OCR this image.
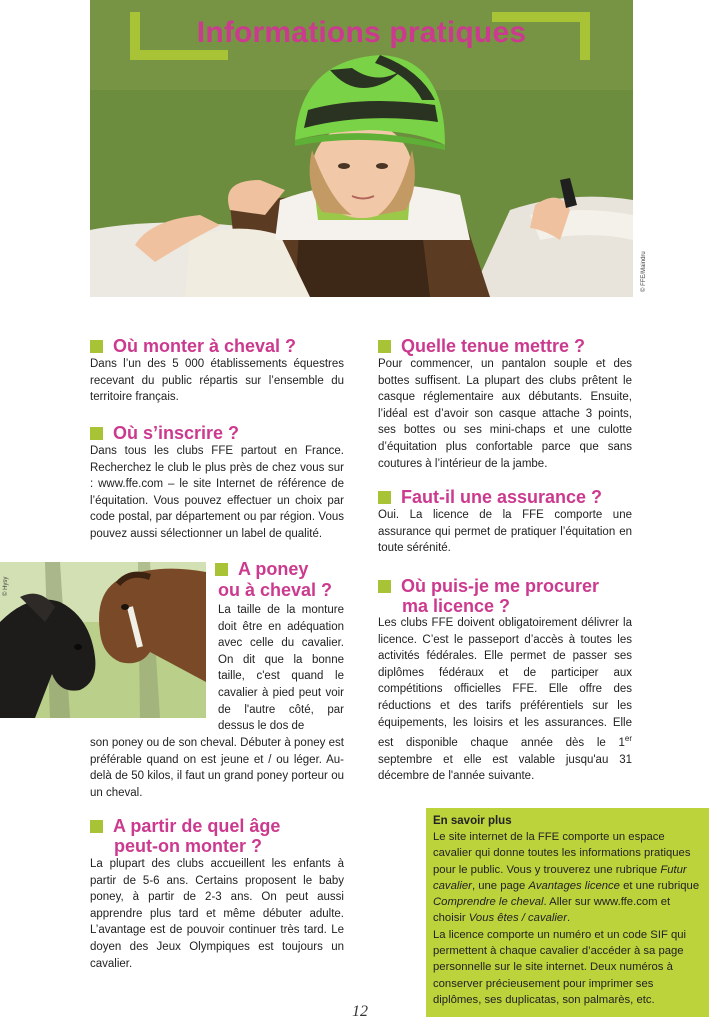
Informations pratiques
© FFE/Maindru
Où monter à cheval ?
Dans l’un des 5 000 établissements équestres recevant du public répartis sur l’ensemble du territoire français.
Où s’inscrire ?
Dans tous les clubs FFE partout en France. Recherchez le club le plus près de chez vous sur : www.ffe.com – le site Internet de référence de l’équitation. Vous pouvez effectuer un choix par code postal, par département ou par région. Vous pouvez aussi sélectionner un label de qualité.
© Hysy
A poney
ou à cheval ?
La taille de la monture doit être en adéquation avec celle du cavalier. On dit que la bonne taille, c'est quand le cavalier à pied peut voir de l'autre côté, par dessus le dos de
son poney ou de son cheval. Débuter à poney est préférable quand on est jeune et / ou léger. Au-delà de 50 kilos, il faut un grand poney porteur ou un cheval.
A partir de quel âge
peut-on monter ?
La plupart des clubs accueillent les enfants à partir de 5-6 ans. Certains proposent le baby poney, à partir de 2-3 ans. On peut aussi apprendre plus tard et même débuter adulte. L’avantage est de pouvoir continuer très tard. Le doyen des Jeux Olympiques est toujours un cavalier.
Quelle tenue mettre ?
Pour commencer, un pantalon souple et des bottes suffisent. La plupart des clubs prêtent le casque réglementaire aux débutants. Ensuite, l’idéal est d’avoir son casque attache 3 points, ses bottes ou ses mini-chaps et une culotte d’équitation plus confortable parce que sans coutures à l’intérieur de la jambe.
Faut-il une assurance ?
Oui. La licence de la FFE comporte une assurance qui permet de pratiquer l’équitation en toute sérénité.
Où puis-je me procurer
ma licence ?
Les clubs FFE doivent obligatoirement délivrer la licence. C’est le passeport d’accès à toutes les activités fédérales. Elle permet de passer ses diplômes fédéraux et de participer aux compétitions officielles FFE. Elle offre des réductions et des tarifs préférentiels sur les équipements, les loisirs et les assurances. Elle est disponible chaque année dès le 1er septembre et elle est valable jusqu'au 31 décembre de l'année suivante.
En savoir plus
Le site internet de la FFE comporte un espace cavalier qui donne toutes les informations pratiques pour le public. Vous y trouverez une rubrique Futur cavalier, une page Avantages licence et une rubrique Comprendre le cheval. Aller sur www.ffe.com et choisir Vous êtes / cavalier.
La licence comporte un numéro et un code SIF qui permettent à chaque cavalier d’accéder à sa page personnelle sur le site internet. Deux numéros à conserver précieusement pour imprimer ses diplômes, ses duplicatas, son palmarès, etc.
12
